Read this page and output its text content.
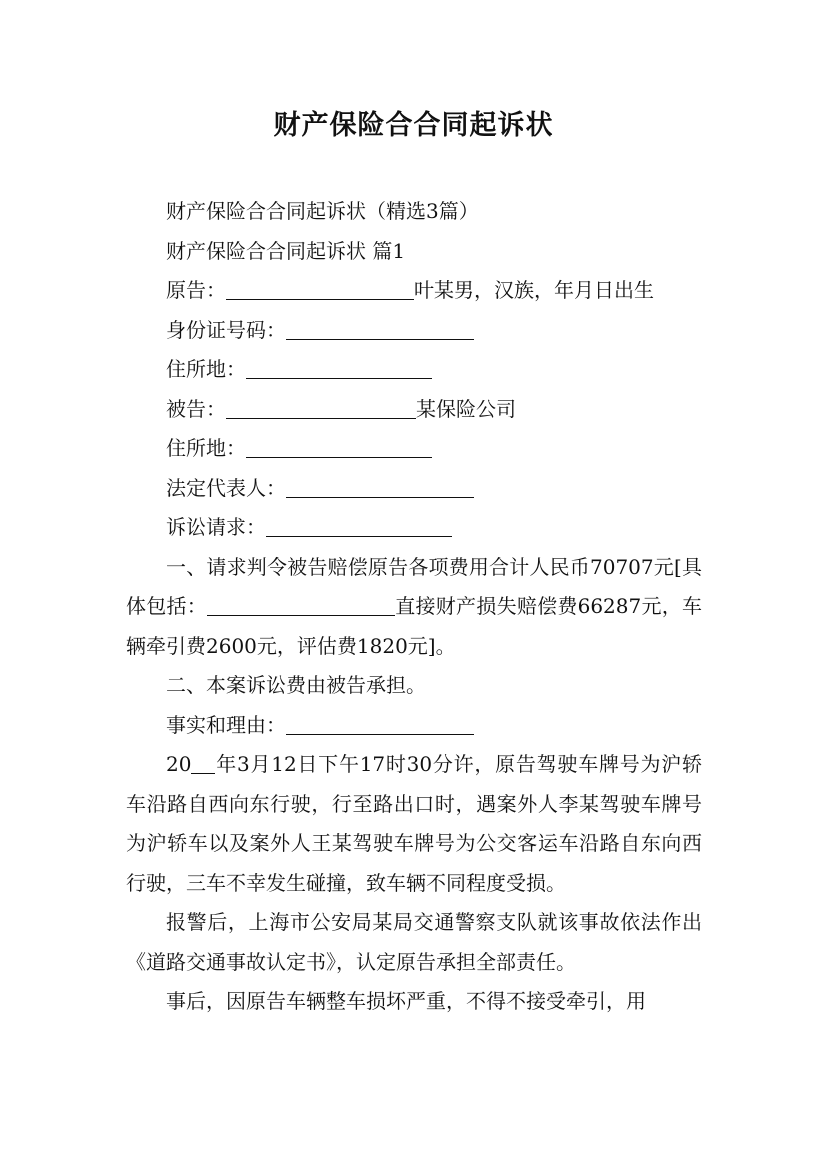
财产保险合合同起诉状

财产保险合合同起诉状（精选3篇）

财产保险合合同起诉状 篇1

原告：	叶某男，汉族，年月日出生

身份证号码：

住所地：

被告：	某保险公司

住所地：

法定代表人：

诉讼请求：

一、请求判令被告赔偿原告各项费用合计人民币70707元[具体包括：	直接财产损失赔偿费66287元，车辆牵引费2600元，评估费1820元]。

二、本案诉讼费由被告承担。

事实和理由：

20 年3月12日下午17时30分许，原告驾驶车牌号为沪轿车沿路自西向东行驶，行至路出口时，遇案外人李某驾驶车牌号为沪轿车以及案外人王某驾驶车牌号为公交客运车沿路自东向西行驶，三车不幸发生碰撞，致车辆不同程度受损。

报警后，上海市公安局某局交通警察支队就该事故依法作出《道路交通事故认定书》，认定原告承担全部责任。

事后，因原告车辆整车损坏严重，不得不接受牵引，用
